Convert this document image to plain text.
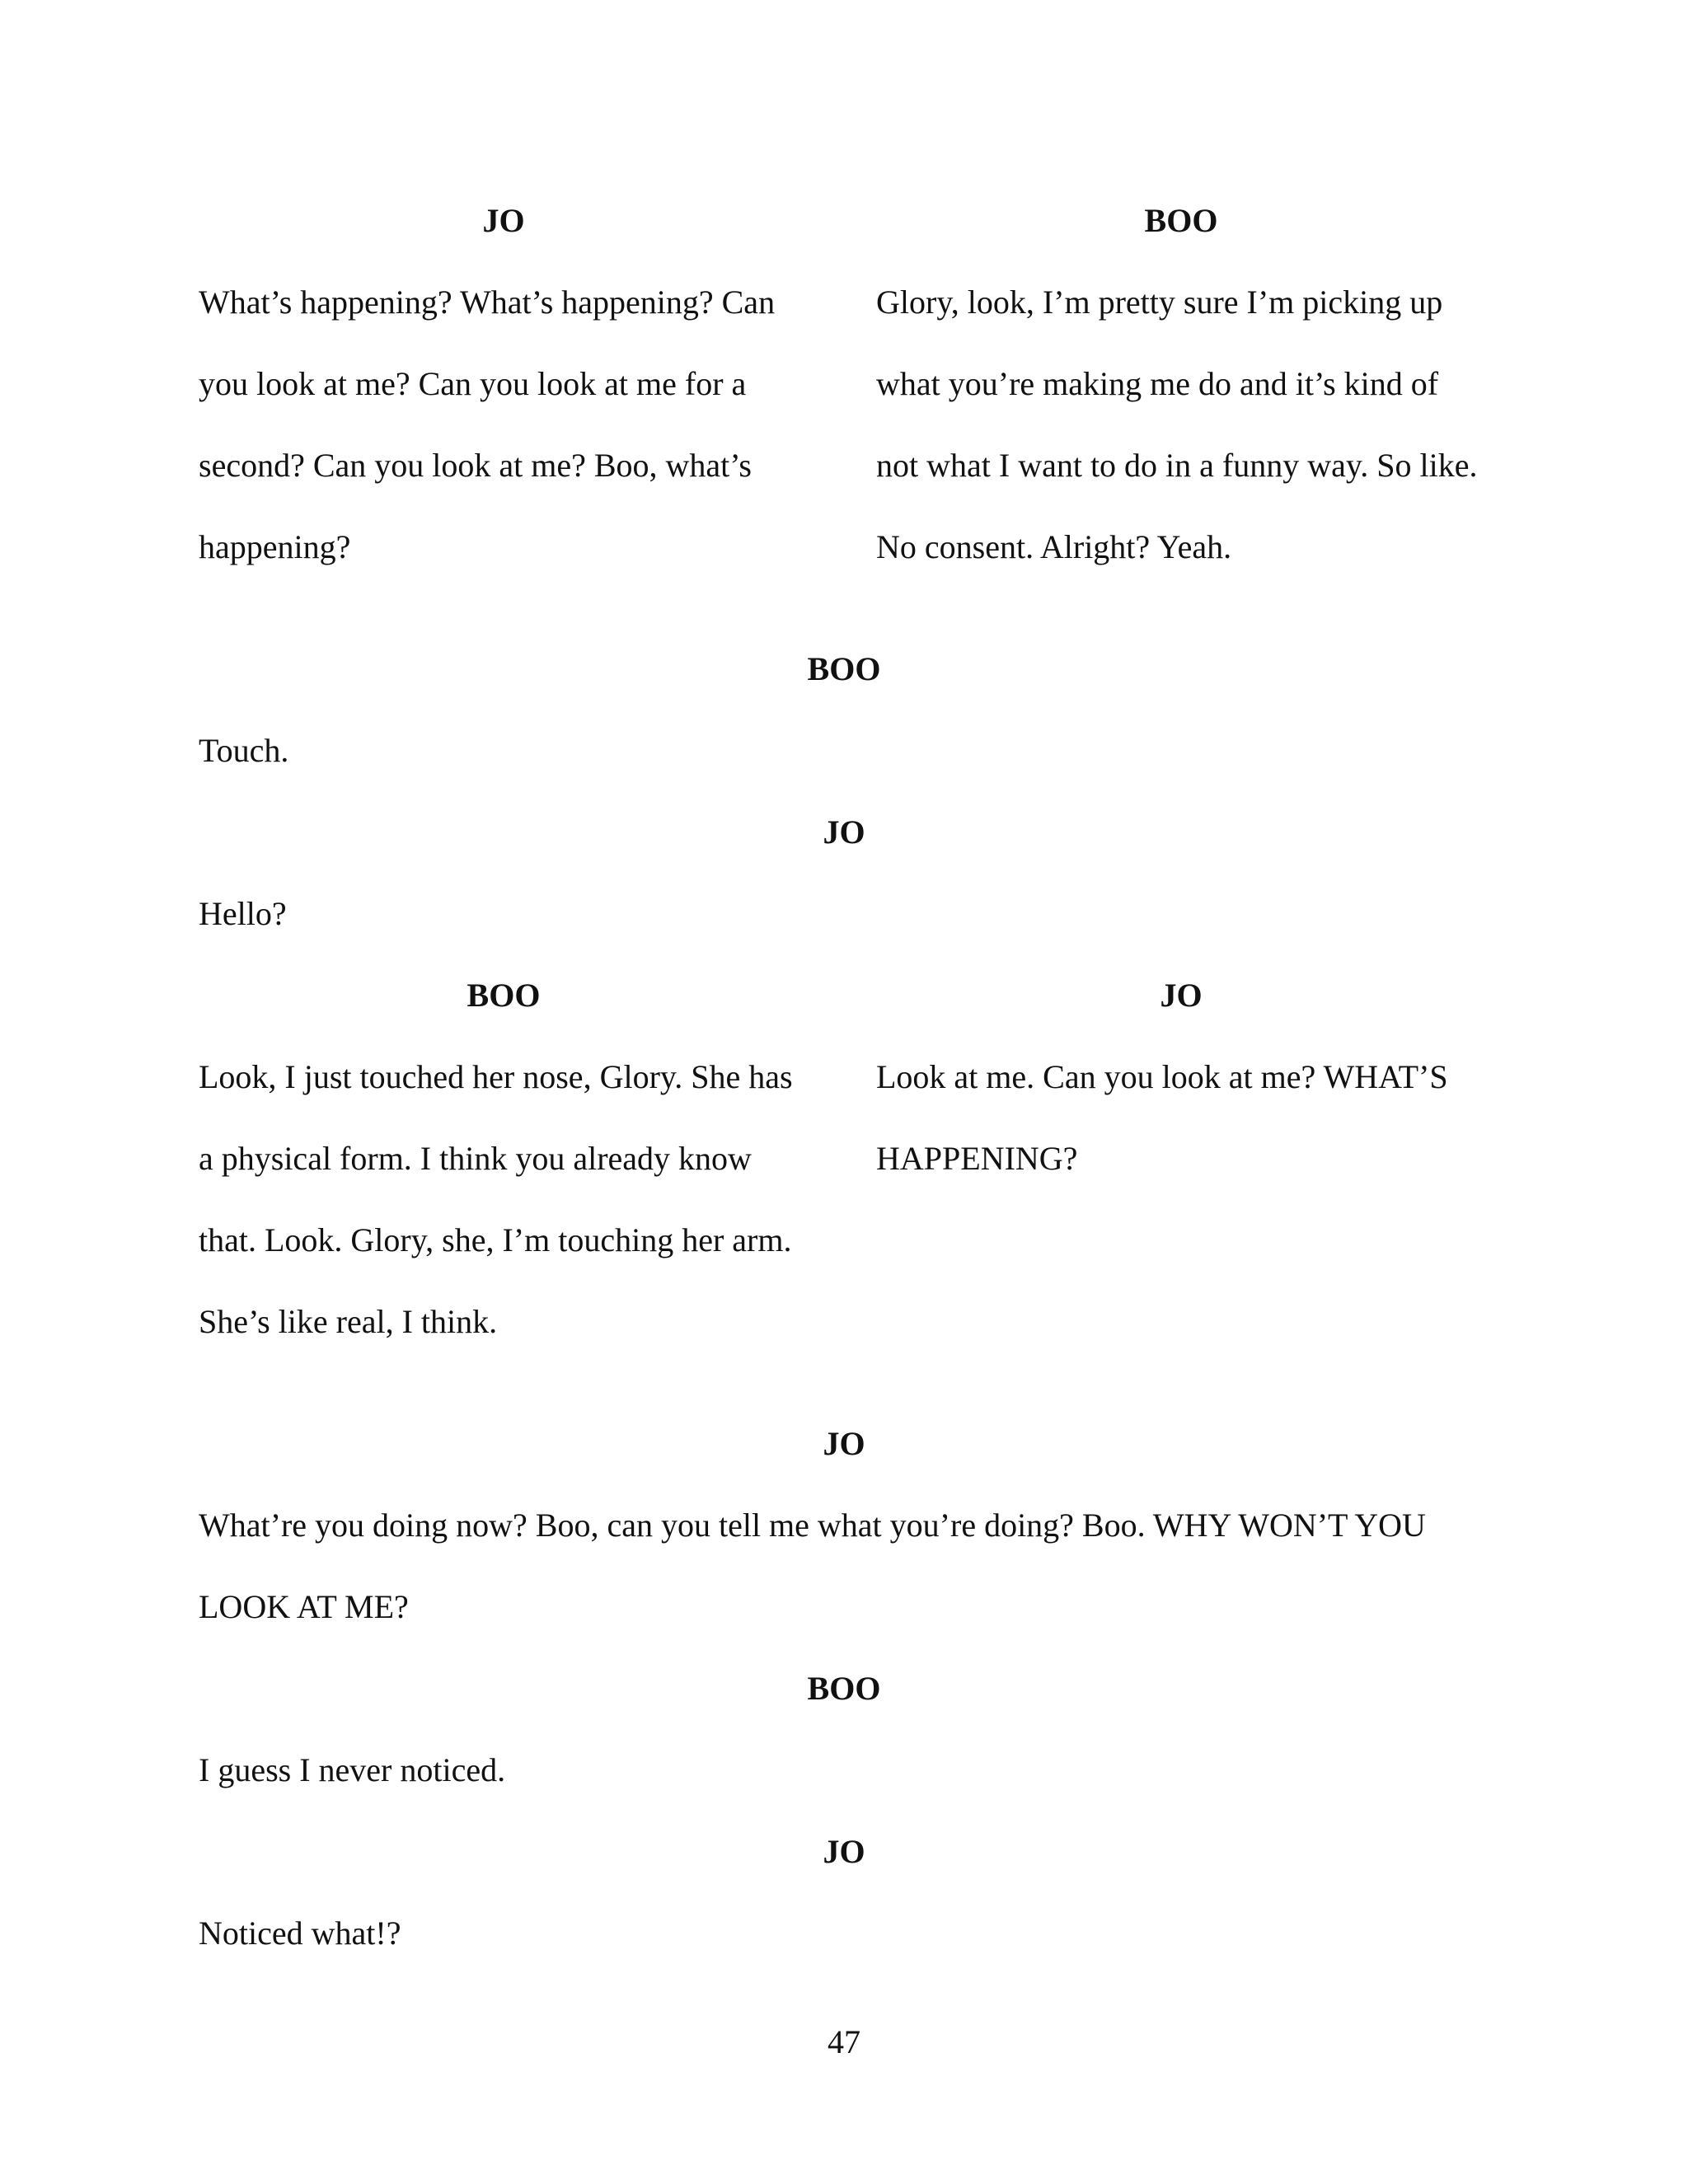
JO
What’s happening? What’s happening? Can
you look at me? Can you look at me for a
second? Can you look at me? Boo, what’s
happening?
BOO
Glory, look, I’m pretty sure I’m picking up
what you’re making me do and it’s kind of
not what I want to do in a funny way. So like.
No consent. Alright? Yeah.
BOO
Touch.
JO
Hello?
BOO
Look, I just touched her nose, Glory. She has
a physical form. I think you already know
that. Look. Glory, she, I’m touching her arm.
She’s like real, I think.
JO
Look at me. Can you look at me? WHAT’S
HAPPENING?
JO
What’re you doing now? Boo, can you tell me what you’re doing? Boo. WHY WON’T YOU
LOOK AT ME?
BOO
I guess I never noticed.
JO
Noticed what!?
47
